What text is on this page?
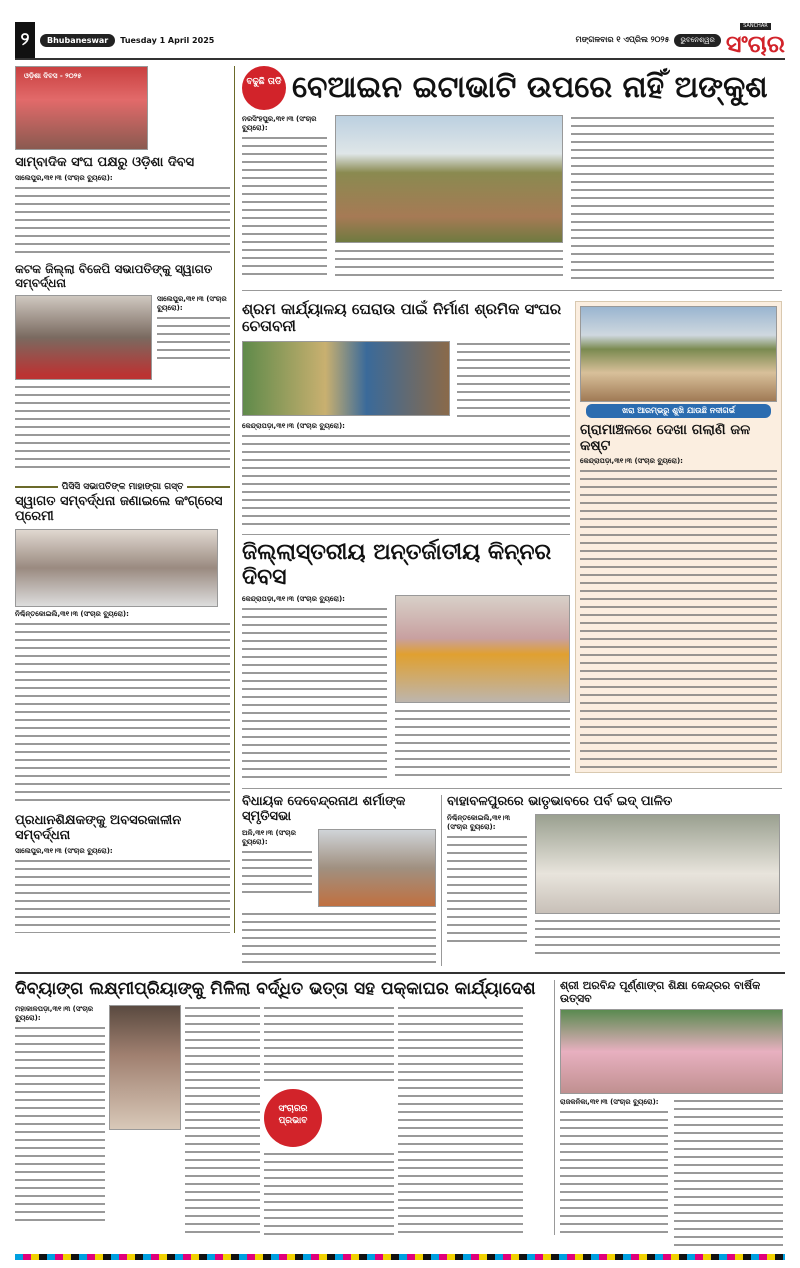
୨	Bhubaneswar	Tuesday 1 April 2025	ମଙ୍ଗଳବାର ୧ ଏପ୍ରିଲ ୨୦୨୫	ଭୁବନେଶ୍ୱର
SANCHAR
ସଂଚାର
ଓଡ଼ିଶା ଦିବସ - ୨୦୨୫
ସାମ୍ବାଦିକ ସଂଘ ପକ୍ଷରୁ ଓଡ଼ିଶା ଦିବସ
ସାଲେପୁର,୩୧।୩ (ସଂଚାର ବ୍ୟୁରୋ):
କଟକ ଜିଲ୍ଲା ବିଜେପି ସଭାପତିଙ୍କୁ ସ୍ୱାଗତ ସମ୍ବର୍ଦ୍ଧନା
ସାଲେପୁର,୩୧।୩ (ସଂଚାର ବ୍ୟୁରୋ):
ପିସିସି ସଭାପତିଙ୍କ ମାହାଙ୍ଗା ଗସ୍ତ
ସ୍ୱାଗତ ସମ୍ବର୍ଦ୍ଧନା ଜଣାଇଲେ କଂଗ୍ରେସ ପ୍ରେମୀ
ନିଶ୍ଚିନ୍ତକୋଇଲି,୩୧।୩ (ସଂଚାର ବ୍ୟୁରୋ):
ପ୍ରଧାନଶିକ୍ଷକଙ୍କୁ ଅବସରକାଳୀନ ସମ୍ବର୍ଦ୍ଧନା
ସାଲେପୁର,୩୧।୩ (ସଂଚାର ବ୍ୟୁରୋ):
ବଢୁଛି ତାଡି ବେଆଇନ ଇଟାଭାଟି ଉପରେ ନାହିଁ ଅଙ୍କୁଶ
ନରସିଂହପୁର,୩୧।୩ (ସଂଚାର ବ୍ୟୁରୋ):
ଶ୍ରମ କାର୍ଯ୍ୟାଳୟ ଘେରାଉ ପାଇଁ ନିର୍ମାଣ ଶ୍ରମିକ ସଂଘର ଚେତାବନୀ
କେନ୍ଦ୍ରାପଡ଼ା,୩୧।୩ (ସଂଚାର ବ୍ୟୁରୋ):
ଜିଲ୍ଲାସ୍ତରୀୟ ଅନ୍ତର୍ଜାତୀୟ କିନ୍ନର ଦିବସ
କେନ୍ଦ୍ରାପଡ଼ା,୩୧।୩ (ସଂଚାର ବ୍ୟୁରୋ):
ଖରା ଆରମ୍ଭରୁ ଶୁଖି ଯାଉଛି ନଦୀଗର୍ଭ
ଗ୍ରାମାଞ୍ଚଳରେ ଦେଖା ଗଲାଣି ଜଳ କଷ୍ଟ
କେନ୍ଦ୍ରାପଡ଼ା,୩୧।୩ (ସଂଚାର ବ୍ୟୁରୋ):
ବିଧାୟକ ଦେବେନ୍ଦ୍ରନାଥ ଶର୍ମାଙ୍କ ସ୍ମୃତିସଭା
ଅଳି,୩୧।୩ (ସଂଚାର ବ୍ୟୁରୋ):
ବାହାବଳପୁରରେ ଭାତୃଭାବରେ ପର୍ବ ଇଦ୍ ପାଳିତ
ନିଶ୍ଚିନ୍ତକୋଇଲି,୩୧।୩ (ସଂଚାର ବ୍ୟୁରୋ):
ଦିବ୍ୟାଙ୍ଗ ଲକ୍ଷ୍ମୀପ୍ରିୟାଙ୍କୁ ମିଳିଲା ବର୍ଦ୍ଧିତ ଭତ୍ତା ସହ ପକ୍କାଘର କାର୍ଯ୍ୟାଦେଶ
ମହାକାଳପଡ଼ା,୩୧।୩ (ସଂଚାର ବ୍ୟୁରୋ):
ସଂଚାରର ପ୍ରଭାବ
ଶ୍ରୀ ଅରବିନ୍ଦ ପୂର୍ଣ୍ଣାଙ୍ଗ ଶିକ୍ଷା କେନ୍ଦ୍ରର ବାର୍ଷିକ ଉତ୍ସବ
ରାଜକନିକା,୩୧।୩ (ସଂଚାର ବ୍ୟୁରୋ):
